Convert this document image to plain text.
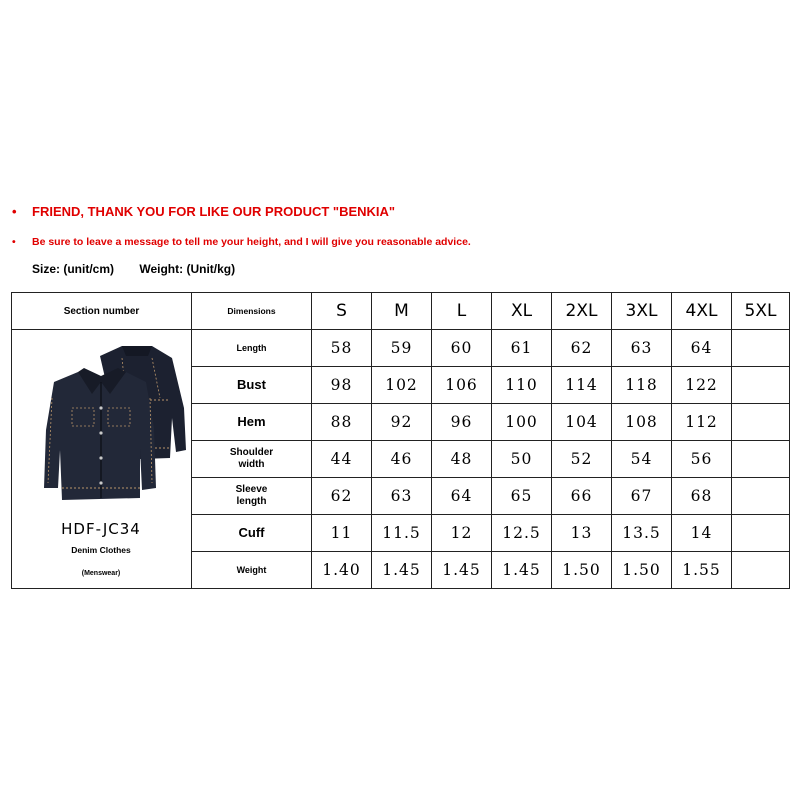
• FRIEND, THANK YOU FOR LIKE OUR PRODUCT "BENKIA"
• Be sure to leave a message to tell me your height, and I will give you reasonable advice.
Size: (unit/cm) Weight: (Unit/kg)
Section number	Dimensions	S	M	L	XL	2XL	3XL	4XL	5XL

HDF-JC34
Denim Clothes
(Menswear)	Length	58	59	60	61	62	63	64	
	Bust	98	102	106	110	114	118	122	
	Hem	88	92	96	100	104	108	112	
	Shoulder width	44	46	48	50	52	54	56	
	Sleeve length	62	63	64	65	66	67	68	
	Cuff	11	11.5	12	12.5	13	13.5	14	
	Weight	1.40	1.45	1.45	1.45	1.50	1.50	1.55	
